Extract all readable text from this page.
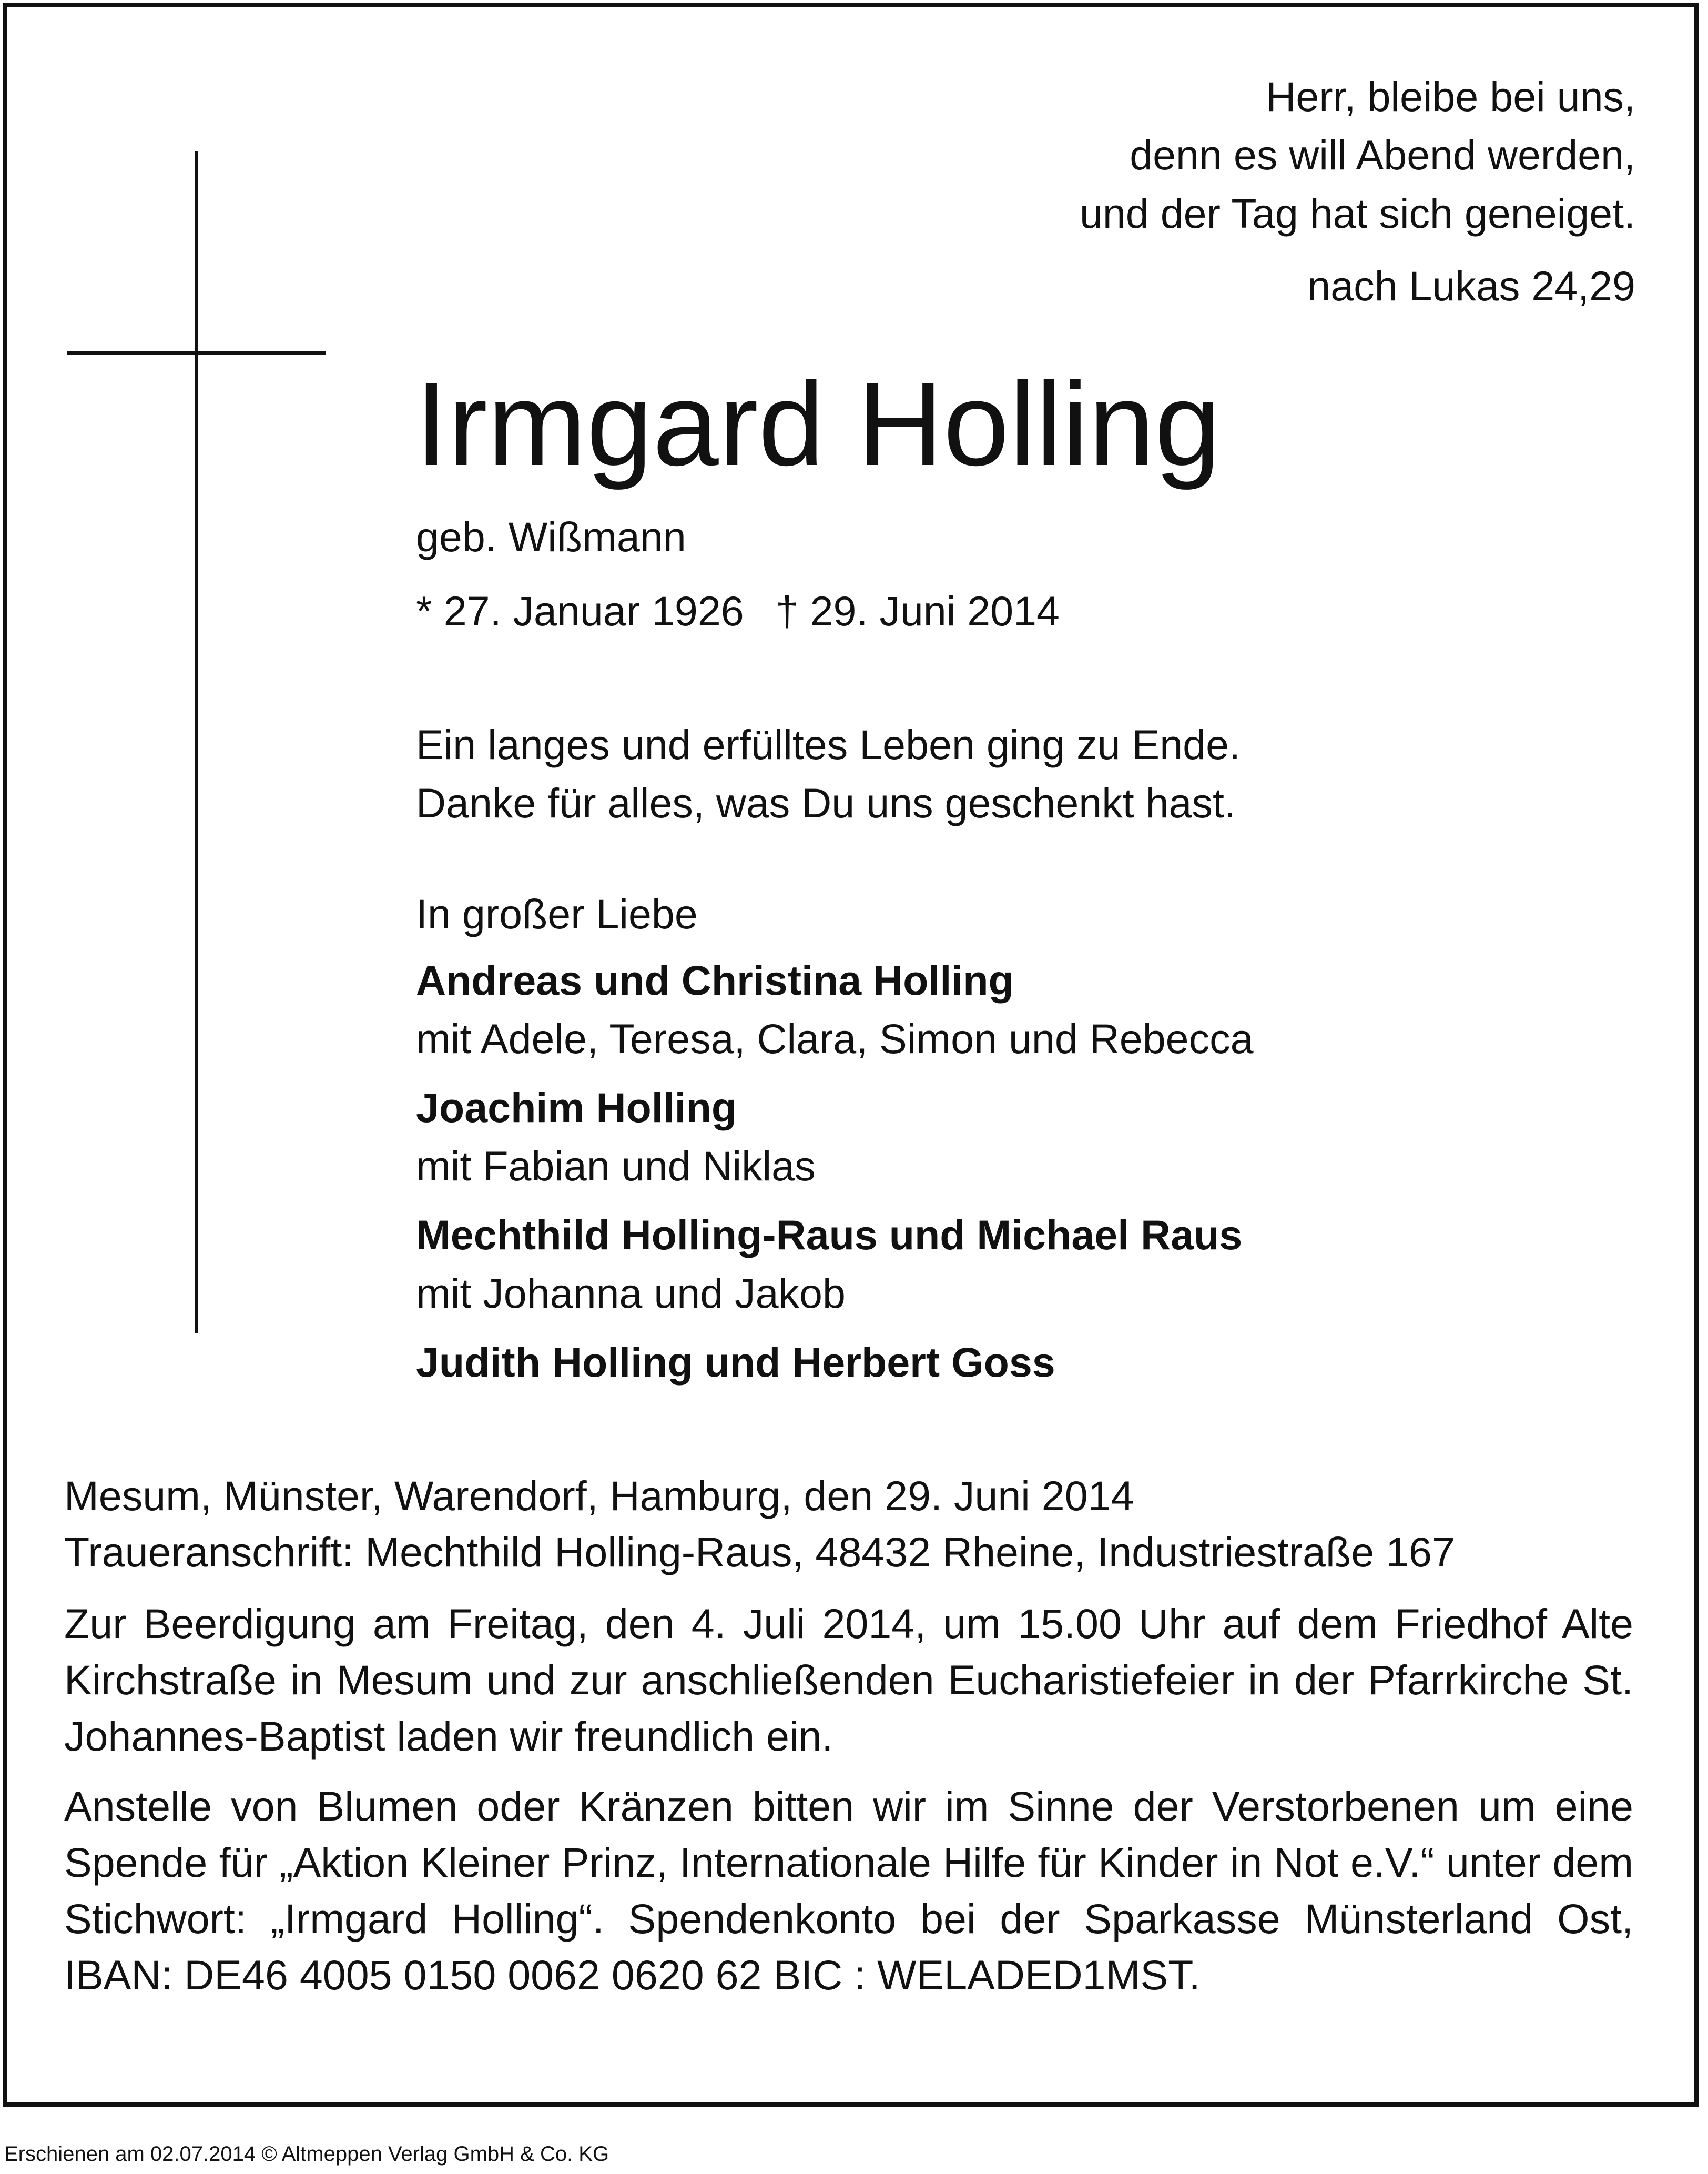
Herr, bleibe bei uns,
denn es will Abend werden,
und der Tag hat sich geneiget.
nach Lukas 24,29
Irmgard Holling
geb. Wißmann
* 27. Januar 1926 † 29. Juni 2014
Ein langes und erfülltes Leben ging zu Ende.
Danke für alles, was Du uns geschenkt hast.
In großer Liebe
Andreas und Christina Holling
mit Adele, Teresa, Clara, Simon und Rebecca
Joachim Holling
mit Fabian und Niklas
Mechthild Holling-Raus und Michael Raus
mit Johanna und Jakob
Judith Holling und Herbert Goss
Mesum, Münster, Warendorf, Hamburg, den 29. Juni 2014
Traueranschrift: Mechthild Holling-Raus, 48432 Rheine, Industriestraße 167
Zur Beerdigung am Freitag, den 4. Juli 2014, um 15.00 Uhr auf dem Friedhof Alte Kirchstraße in Mesum und zur anschließenden Eucharistiefeier in der Pfarrkirche St. Johannes-Baptist laden wir freundlich ein.
Anstelle von Blumen oder Kränzen bitten wir im Sinne der Verstorbenen um eine Spende für „Aktion Kleiner Prinz, Internationale Hilfe für Kinder in Not e.V.“ unter dem Stichwort: „Irmgard Holling“. Spendenkonto bei der Sparkasse Münsterland Ost, IBAN: DE46 4005 0150 0062 0620 62 BIC : WELADED1MST.
Erschienen am 02.07.2014 © Altmeppen Verlag GmbH & Co. KG
